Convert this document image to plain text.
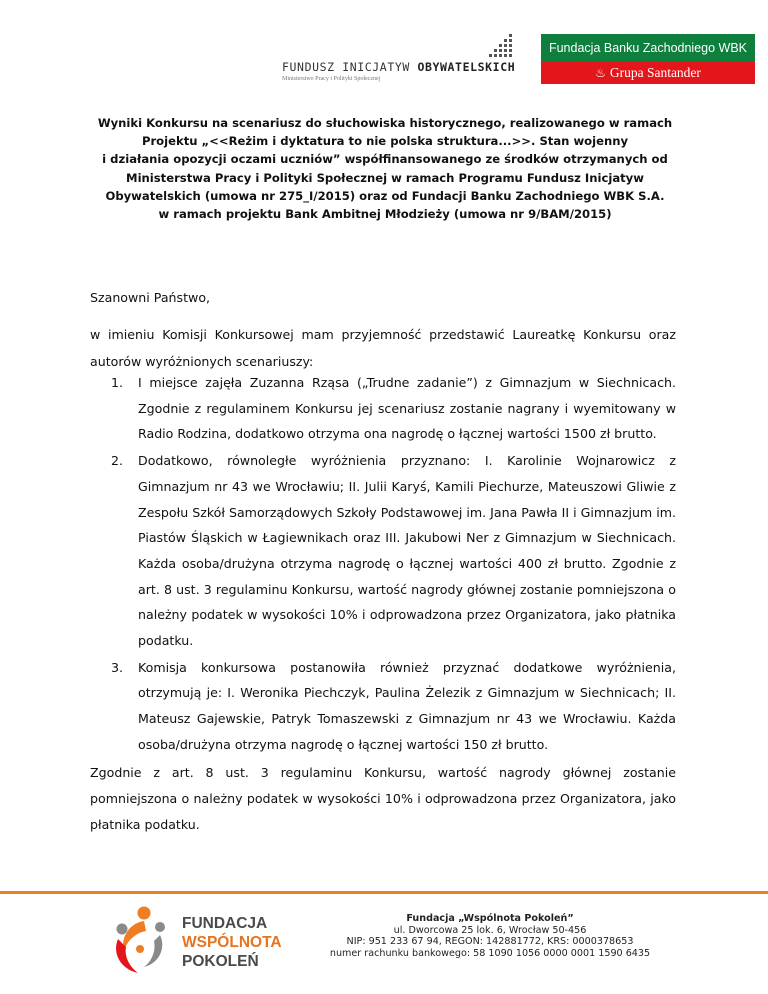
FUNDUSZ INICJATYW OBYWATELSKICH
Ministerstwo Pracy i Polityki Społecznej
Fundacja Banku Zachodniego WBK
♨ Grupa Santander
Wyniki Konkursu na scenariusz do słuchowiska historycznego, realizowanego w ramach
Projektu „<<Reżim i dyktatura to nie polska struktura...>>. Stan wojenny
i działania opozycji oczami uczniów” współfinansowanego ze środków otrzymanych od
Ministerstwa Pracy i Polityki Społecznej w ramach Programu Fundusz Inicjatyw
Obywatelskich (umowa nr 275_I/2015) oraz od Fundacji Banku Zachodniego WBK S.A.
w ramach projektu Bank Ambitnej Młodzieży (umowa nr 9/BAM/2015)
Szanowni Państwo,
w imieniu Komisji Konkursowej mam przyjemność przedstawić Laureatkę Konkursu oraz autorów wyróżnionych scenariuszy:
1. I miejsce zajęła Zuzanna Rząsa („Trudne zadanie”) z Gimnazjum w Siechnicach. Zgodnie z regulaminem Konkursu jej scenariusz zostanie nagrany i wyemitowany w Radio Rodzina, dodatkowo otrzyma ona nagrodę o łącznej wartości 1500 zł brutto.
2. Dodatkowo, równoległe wyróżnienia przyznano: I. Karolinie Wojnarowicz z Gimnazjum nr 43 we Wrocławiu; II. Julii Karyś, Kamili Piechurze, Mateuszowi Gliwie z Zespołu Szkół Samorządowych Szkoły Podstawowej im. Jana Pawła II i Gimnazjum im. Piastów Śląskich w Łagiewnikach oraz III. Jakubowi Ner z Gimnazjum w Siechnicach. Każda osoba/drużyna otrzyma nagrodę o łącznej wartości 400 zł brutto. Zgodnie z art. 8 ust. 3 regulaminu Konkursu, wartość nagrody głównej zostanie pomniejszona o należny podatek w wysokości 10% i odprowadzona przez Organizatora, jako płatnika podatku.
3. Komisja konkursowa postanowiła również przyznać dodatkowe wyróżnienia, otrzymują je: I. Weronika Piechczyk, Paulina Żelezik z Gimnazjum w Siechnicach; II. Mateusz Gajewskie, Patryk Tomaszewski z Gimnazjum nr 43 we Wrocławiu. Każda osoba/drużyna otrzyma nagrodę o łącznej wartości 150 zł brutto.
Zgodnie z art. 8 ust. 3 regulaminu Konkursu, wartość nagrody głównej zostanie pomniejszona o należny podatek w wysokości 10% i odprowadzona przez Organizatora, jako płatnika podatku.
FUNDACJA
WSPÓLNOTA
POKOLEŃ
Fundacja „Wspólnota Pokoleń”
ul. Dworcowa 25 lok. 6, Wrocław 50-456
NIP: 951 233 67 94, REGON: 142881772, KRS: 0000378653
numer rachunku bankowego: 58 1090 1056 0000 0001 1590 6435
